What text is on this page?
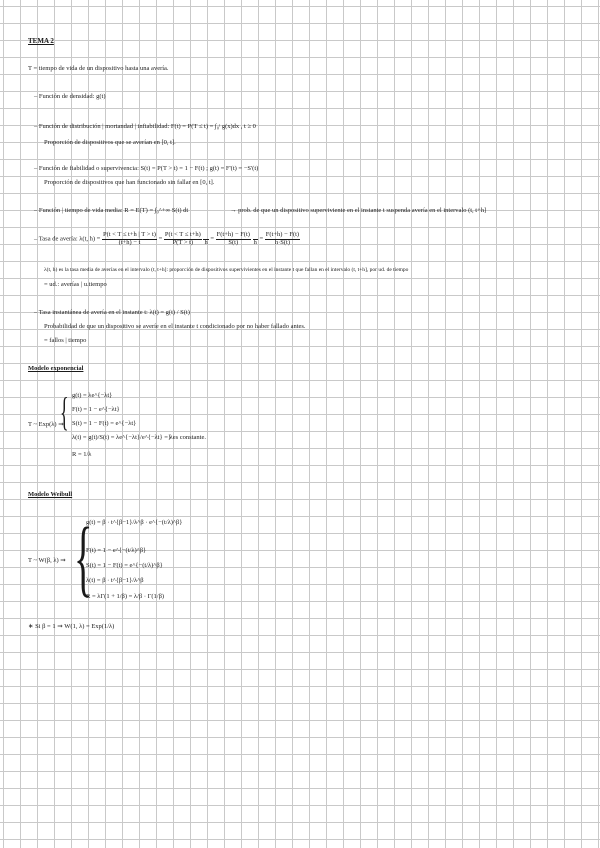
TEMA 2
T = tiempo de vida de un dispositivo hasta una avería.
– Función de densidad: g(t)
– Función de distribución | mortandad | infiabilidad: F(t) = P(T ≤ t) = ∫₀ᵗ g(x)dx , t ≥ 0
Proporción de dispositivos que se averían en [0, t].
– Función de fiabilidad o supervivencia: S(t) = P(T > t) = 1 − F(t) ; g(t) = F'(t) = −S'(t)
Proporción de dispositivos que han funcionado sin fallar en [0, t].
– Función | tiempo de vida media: R = E(T) = ∫₀^+∞ S(t) dt	→ prob. de que un dispositivo superviviente en el instante t suspenda avería en el intervalo (t, t+h]
– Tasa de avería: λ(t, $h) = \frac{P(t < T \le t+h | T > t)}{(t+h) - t} = \frac{P(t < T \le t+h)}{P(T > t)}$

$h = \frac{F(t+h) - F(t)}{S(t)}$

$h = \frac{F(t+h) - F(t)}{h\cdot S(t)}$
λ(t, h) es la tasa media de averías en el intervalo (t, t+h]: proporción de dispositivos supervivientes en el instante t que fallan en el intervalo (t, t+h], por ud. de tiempo
= ud.: averías | u.tiempo
– Tasa instantánea de avería en el instante t: λ(t) = g(t) / S(t)
Probabilidad de que un dispositivo se averíe en el instante t condicionado por no haber fallado antes.
= fallos | tiempo
Modelo exponencial
T ~ Exp(λ) ⇒
{ g(t) = λe^{−λt}
F(t) = 1 − e^{−λt}
S(t) = 1 − F(t) = e^{−λt}
λ(t) = g(t)/S(t) = λe^{−λt}/e^{−λt} = λ
R = 1/λ
} es constante.
Modelo Weibull
T ~ W(β, λ) ⇒ {
g(t) = β · t^{β−1}/λ^β · e^{−(t/λ)^β}
F(t) = 1 − e^{−(t/λ)^β}
S(t) = 1 − F(t) = e^{−(t/λ)^β}
λ(t) = β · t^{β−1}/λ^β
R = λΓ(1 + 1/β) = λ/β · Γ(1/β)
∗ Si β = 1 ⇒ W(1, λ) = Exp(1/λ)
